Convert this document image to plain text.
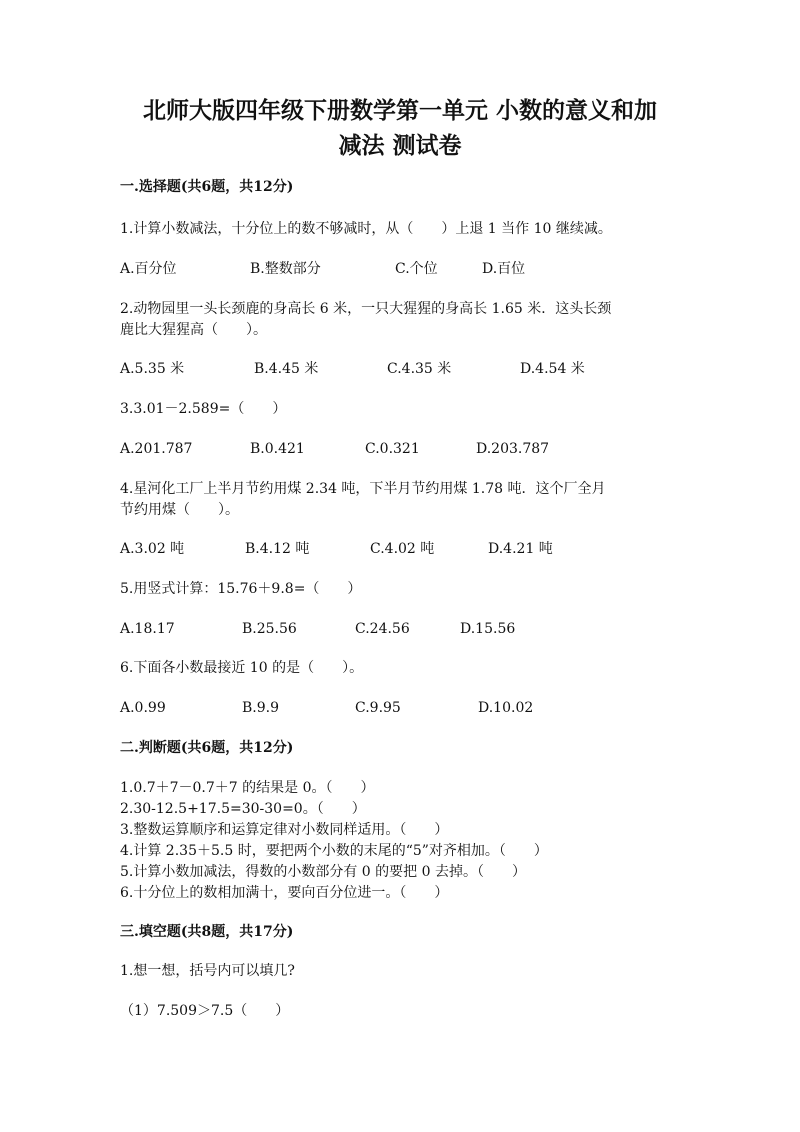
北师大版四年级下册数学第一单元 小数的意义和加
减法 测试卷
一.选择题(共6题，共12分)
1.计算小数减法，十分位上的数不够减时，从（　　）上退 1 当作 10 继续减。
A.百分位	B.整数部分	C.个位	D.百位
2.动物园里一头长颈鹿的身高长 6 米，一只大猩猩的身高长 1.65 米．这头长颈
鹿比大猩猩高（　　）。
A.5.35 米	B.4.45 米	C.4.35 米	D.4.54 米
3.3.01－2.589=（　　）
A.201.787	B.0.421	C.0.321	D.203.787
4.星河化工厂上半月节约用煤 2.34 吨，下半月节约用煤 1.78 吨．这个厂全月
节约用煤（　　）。
A.3.02 吨	B.4.12 吨	C.4.02 吨	D.4.21 吨
5.用竖式计算：15.76＋9.8=（　　）
A.18.17	B.25.56	C.24.56	D.15.56
6.下面各小数最接近 10 的是（　　）。
A.0.99	B.9.9	C.9.95	D.10.02
二.判断题(共6题，共12分)
1.0.7＋7－0.7＋7 的结果是 0。（　　）
2.30-12.5+17.5=30-30=0。（　　）
3.整数运算顺序和运算定律对小数同样适用。（　　）
4.计算 2.35＋5.5 时，要把两个小数的末尾的“5”对齐相加。（　　）
5.计算小数加减法，得数的小数部分有 0 的要把 0 去掉。（　　）
6.十分位上的数相加满十，要向百分位进一。（　　）
三.填空题(共8题，共17分)
1.想一想，括号内可以填几?
（1）7.509＞7.5（　　）
